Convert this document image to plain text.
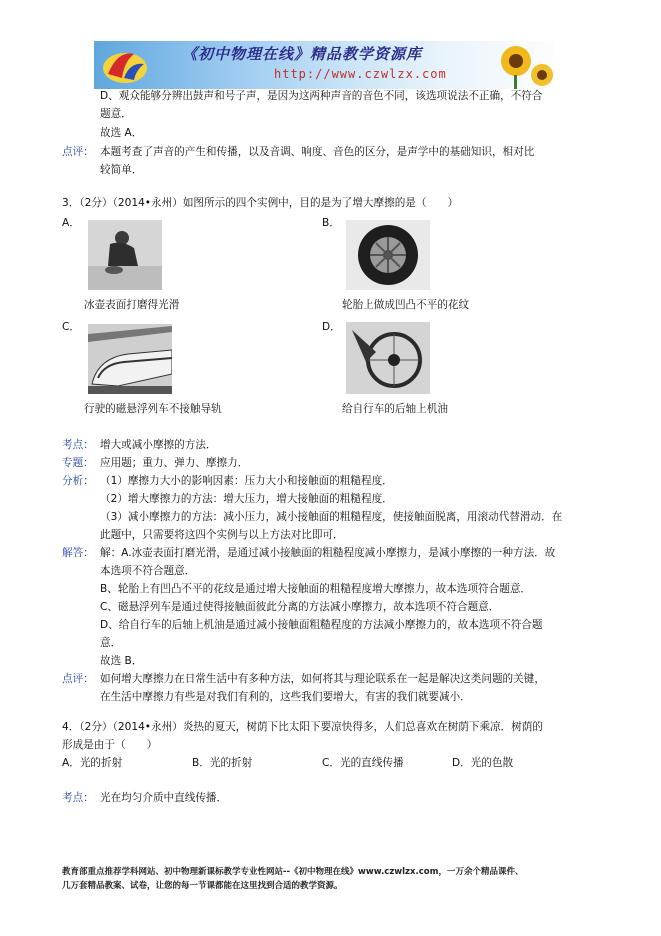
《初中物理在线》精品教学资源库
http://www.czwlzx.com
D、观众能够分辨出鼓声和号子声，是因为这两种声音的音色不同，该选项说法不正确，不符合
题意．
故选 A．
点评： 本题考查了声音的产生和传播，以及音调、响度、音色的区分，是声学中的基础知识，相对比
较简单．
3．（2分）（2014•永州）如图所示的四个实例中，目的是为了增大摩擦的是（　　）
A．
冰壶表面打磨得光滑
B．
轮胎上做成凹凸不平的花纹
C．
行驶的磁悬浮列车不接触导轨
D．
给自行车的后轴上机油
考点： 增大或减小摩擦的方法．
专题： 应用题；重力、弹力、摩擦力．
分析： （1）摩擦力大小的影响因素：压力大小和接触面的粗糙程度．
（2）增大摩擦力的方法：增大压力，增大接触面的粗糙程度．
（3）减小摩擦力的方法：减小压力，减小接触面的粗糙程度，使接触面脱离，用滚动代替滑动．在
此题中，只需要将这四个实例与以上方法对比即可．
解答： 解：A.冰壶表面打磨光滑，是通过减小接触面的粗糙程度减小摩擦力，是减小摩擦的一种方法．故
本选项不符合题意．
B、轮胎上有凹凸不平的花纹是通过增大接触面的粗糙程度增大摩擦力，故本选项符合题意．
C、磁悬浮列车是通过使得接触面彼此分离的方法减小摩擦力，故本选项不符合题意．
D、给自行车的后轴上机油是通过减小接触面粗糙程度的方法减小摩擦力的，故本选项不符合题
意．
故选 B．
点评： 如何增大摩擦力在日常生活中有多种方法，如何将其与理论联系在一起是解决这类问题的关键，
在生活中摩擦力有些是对我们有利的，这些我们要增大，有害的我们就要减小．
4．（2分）（2014•永州）炎热的夏天，树荫下比太阳下要凉快得多，人们总喜欢在树荫下乘凉．树荫的
形成是由于（　　）
A．光的折射	B．光的折射	C．光的直线传播	D．光的色散
考点： 光在均匀介质中直线传播．
教育部重点推荐学科网站、初中物理新课标教学专业性网站--《初中物理在线》www.czwlzx.com，一万余个精品课件、
几万套精品教案、试卷，让您的每一节课都能在这里找到合适的教学资源。
